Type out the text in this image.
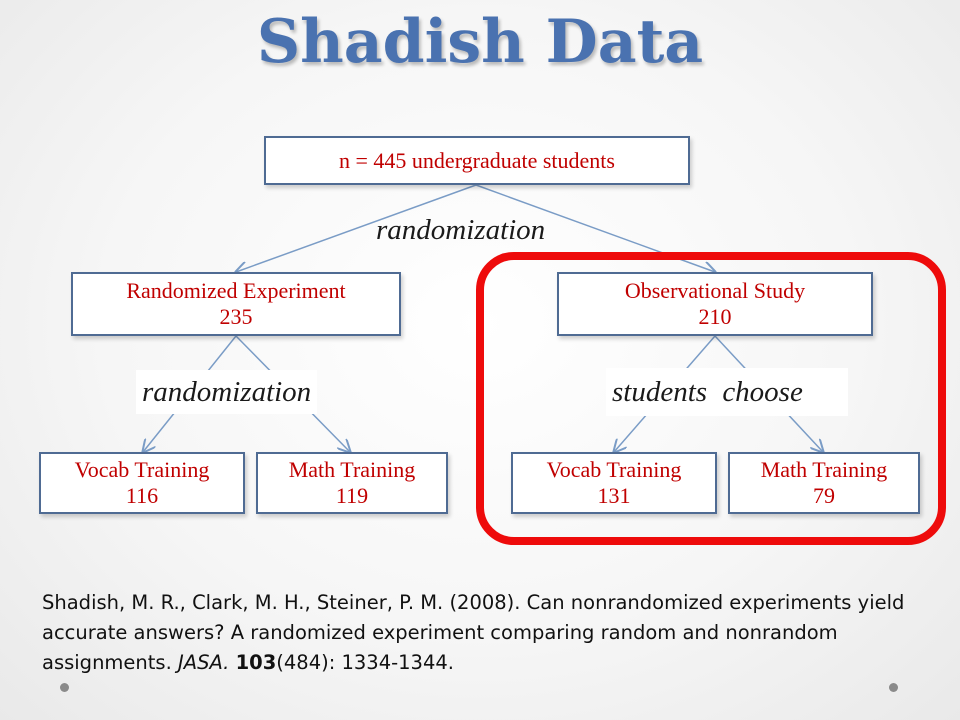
Shadish Data
n = 445 undergraduate students
randomization
Randomized Experiment
235
Observational Study
210
randomization	students choose
Vocab Training
116
Math Training
119
Vocab Training
131
Math Training
79
Shadish, M. R., Clark, M. H., Steiner, P. M. (2008). Can nonrandomized experiments yield accurate answers? A randomized experiment comparing random and nonrandom assignments. JASA. 103(484): 1334-1344.
